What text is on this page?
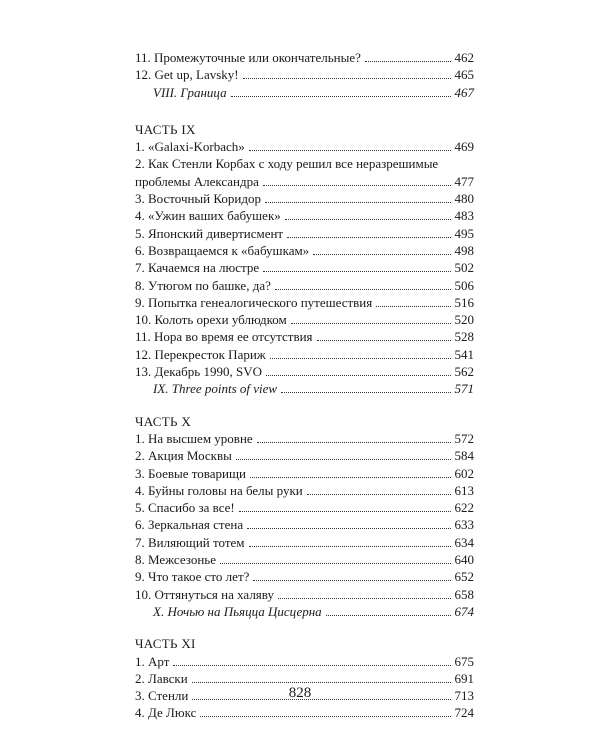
11. Промежуточные или окончательные?	462
12. Get up, Lavsky!	465
VIII. Граница	467
ЧАСТЬ IX
1. «Galaxi-Korbach»	469
2. Как Стенли Корбах с ходу решил все неразрешимые
проблемы Александра	477
3. Восточный Коридор	480
4. «Ужин ваших бабушек»	483
5. Японский дивертисмент	495
6. Возвращаемся к «бабушкам»	498
7. Качаемся на люстре	502
8. Утюгом по башке, да?	506
9. Попытка генеалогического путешествия	516
10. Колоть орехи ублюдком	520
11. Нора во время ее отсутствия	528
12. Перекресток Париж	541
13. Декабрь 1990, SVO	562
IX. Three points of view	571
ЧАСТЬ X
1. На высшем уровне	572
2. Акция Москвы	584
3. Боевые товарищи	602
4. Буйны головы на белы руки	613
5. Спасибо за все!	622
6. Зеркальная стена	633
7. Виляющий тотем	634
8. Межсезонье	640
9. Что такое сто лет?	652
10. Оттянуться на халяву	658
X. Ночью на Пьяцца Цисцерна	674
ЧАСТЬ XI
1. Арт	675
2. Лавски	691
3. Стенли	713
4. Де Люкс	724
828
